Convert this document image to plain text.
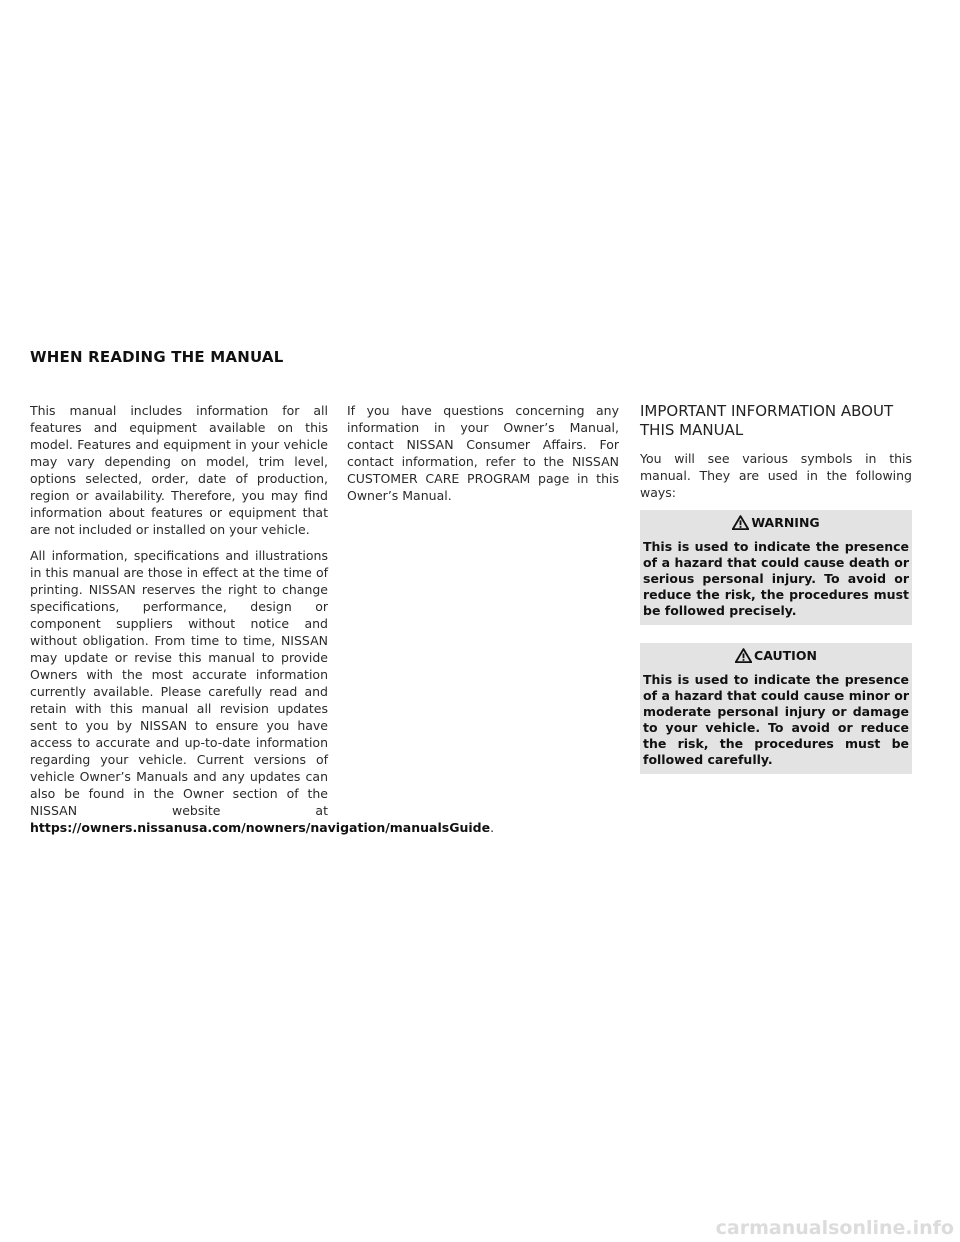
WHEN READING THE MANUAL

This manual includes information for all features and equipment available on this model. Features and equipment in your vehicle may vary depending on model, trim level, options selected, order, date of production, region or availability. Therefore, you may find information about features or equipment that are not included or installed on your vehicle.

All information, specifications and illustrations in this manual are those in effect at the time of printing. NISSAN reserves the right to change specifications, performance, design or component suppliers without notice and without obligation. From time to time, NISSAN may update or revise this manual to provide Owners with the most accurate information currently available. Please carefully read and retain with this manual all revision updates sent to you by NISSAN to ensure you have access to accurate and up-to-date information regarding your vehicle. Current versions of vehicle Owner’s Manuals and any updates can also be found in the Owner section of the NISSAN website at https://owners.nissanusa.com/nowners/navigation/manualsGuide.

If you have questions concerning any information in your Owner’s Manual, contact NISSAN Consumer Affairs. For contact information, refer to the NISSAN CUSTOMER CARE PROGRAM page in this Owner’s Manual.

IMPORTANT INFORMATION ABOUT THIS MANUAL

You will see various symbols in this manual. They are used in the following ways:

WARNING
This is used to indicate the presence of a hazard that could cause death or serious personal injury. To avoid or reduce the risk, the procedures must be followed precisely.
CAUTION
This is used to indicate the presence of a hazard that could cause minor or moderate personal injury or damage to your vehicle. To avoid or reduce the risk, the procedures must be followed carefully.
carmanualsonline.info
